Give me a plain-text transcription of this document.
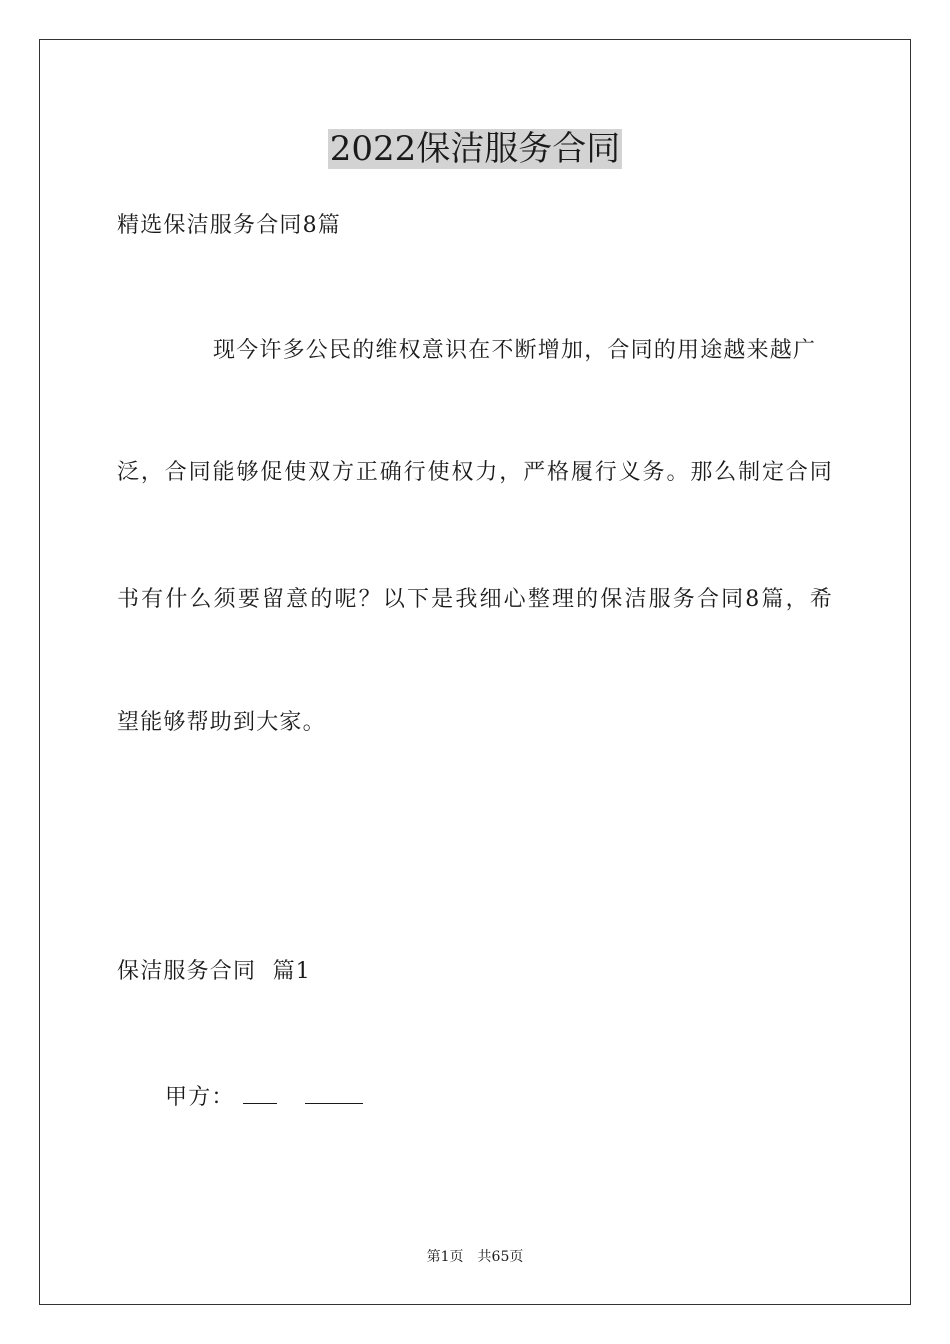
2022保洁服务合同
精选保洁服务合同8篇
现今许多公民的维权意识在不断增加，合同的用途越来越广
泛，合同能够促使双方正确行使权力，严格履行义务。那么制定合同
书有什么须要留意的呢？以下是我细心整理的保洁服务合同8篇，希
望能够帮助到大家。
保洁服务合同  篇1
甲方：
第1页 共65页
